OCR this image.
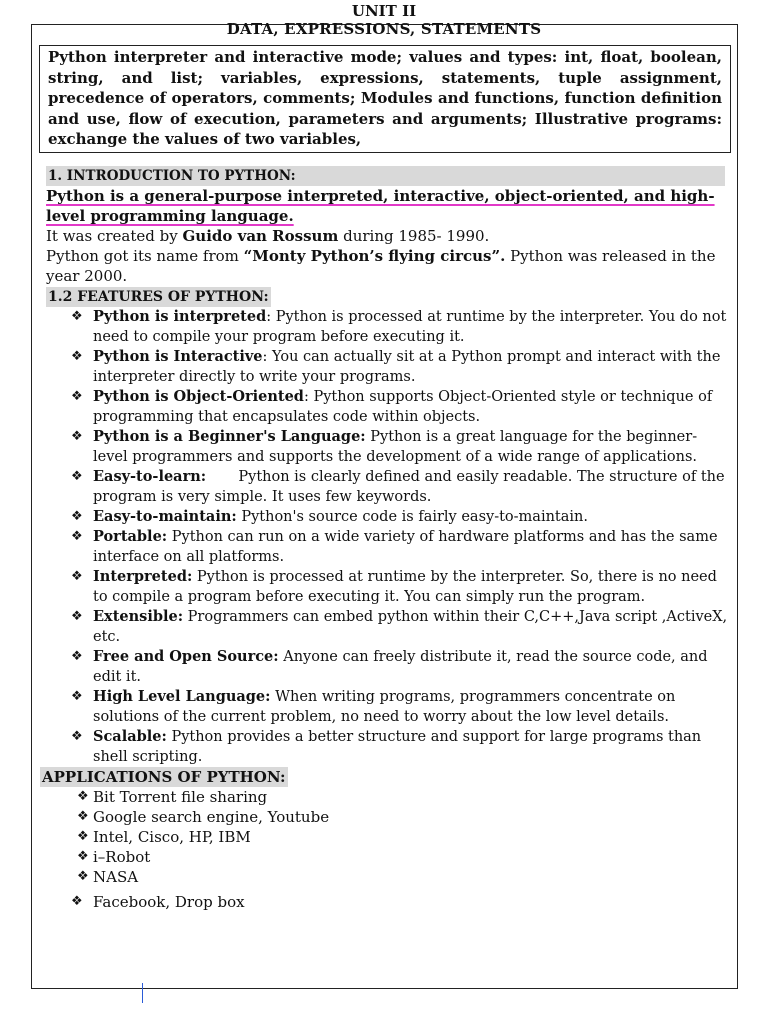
UNIT II
DATA, EXPRESSIONS, STATEMENTS
Python interpreter and interactive mode; values and types: int, float, boolean, string, and list; variables, expressions, statements, tuple assignment, precedence of operators, comments; Modules and functions, function definition and use, flow of execution, parameters and arguments; Illustrative programs: exchange the values of two variables,
1. INTRODUCTION TO PYTHON:

Python is a general-purpose interpreted, interactive, object-oriented, and high-level programming language.

It was created by Guido van Rossum during 1985- 1990.

Python got its name from “Monty Python’s flying circus”. Python was released in the year 2000.

1.2 FEATURES OF PYTHON:
❖ Python is interpreted: Python is processed at runtime by the interpreter. You do not need to compile your program before executing it.
❖ Python is Interactive: You can actually sit at a Python prompt and interact with the interpreter directly to write your programs.
❖ Python is Object-Oriented: Python supports Object-Oriented style or technique of programming that encapsulates code within objects.
❖ Python is a Beginner's Language: Python is a great language for the beginner-level programmers and supports the development of a wide range of applications.
❖ Easy-to-learn: Python is clearly defined and easily readable. The structure of the program is very simple. It uses few keywords.
❖ Easy-to-maintain: Python's source code is fairly easy-to-maintain.
❖ Portable: Python can run on a wide variety of hardware platforms and has the same interface on all platforms.
❖ Interpreted: Python is processed at runtime by the interpreter. So, there is no need to compile a program before executing it. You can simply run the program.
❖ Extensible: Programmers can embed python within their C,C++,Java script ,ActiveX, etc.
❖ Free and Open Source: Anyone can freely distribute it, read the source code, and edit it.
❖ High Level Language: When writing programs, programmers concentrate on solutions of the current problem, no need to worry about the low level details.
❖ Scalable: Python provides a better structure and support for large programs than shell scripting.
APPLICATIONS OF PYTHON:
❖ Bit Torrent file sharing
❖ Google search engine, Youtube
❖ Intel, Cisco, HP, IBM
❖ i–Robot
❖ NASA
❖ Facebook, Drop box
